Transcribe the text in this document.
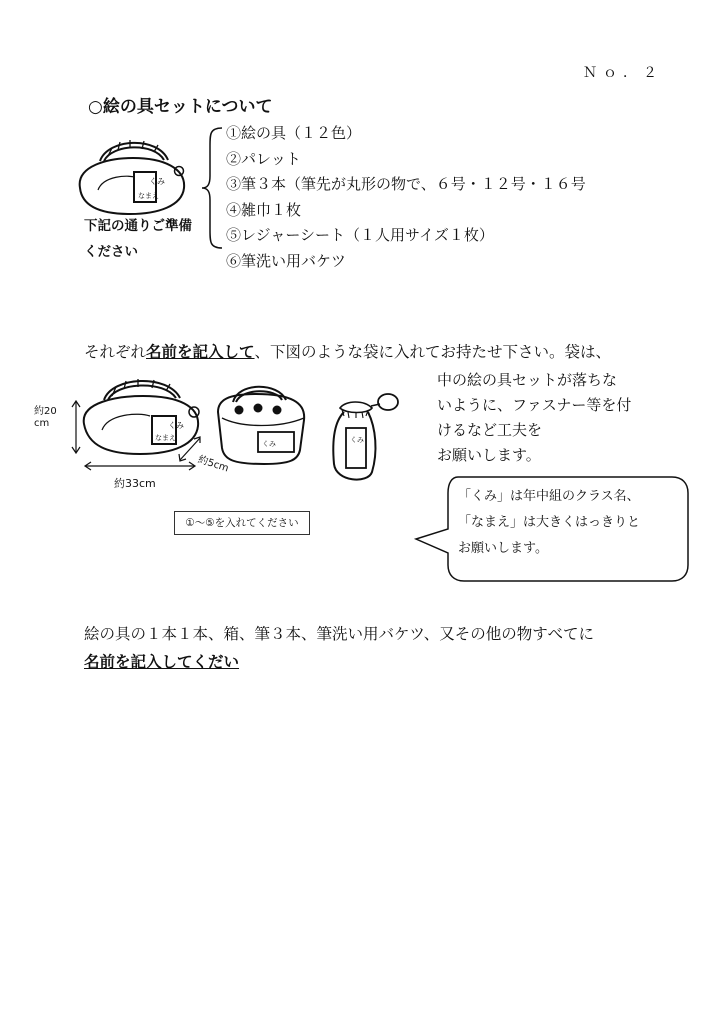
Ｎｏ．２
○絵の具セットについて
くみ
なまえ
①絵の具（１２色）
②パレット
③筆３本（筆先が丸形の物で、６号・１２号・１６号
④雑巾１枚
⑤レジャーシート（１人用サイズ１枚）
⑥筆洗い用バケツ
下記の通りご準備
ください
それぞれ名前を記入して、下図のような袋に入れてお持たせ下さい。袋は、
中の絵の具セットが落ちな
いように、ファスナー等を付
けるなど工夫を
お願いします。
くみ
なまえ
くみ	くみ
約20cm
約33cm
約5cm
①～⑤を入れてください
「くみ」は年中組のクラス名、
「なまえ」は大きくはっきりと
お願いします。
絵の具の１本１本、箱、筆３本、筆洗い用バケツ、又その他の物すべてに
名前を記入してくだい
